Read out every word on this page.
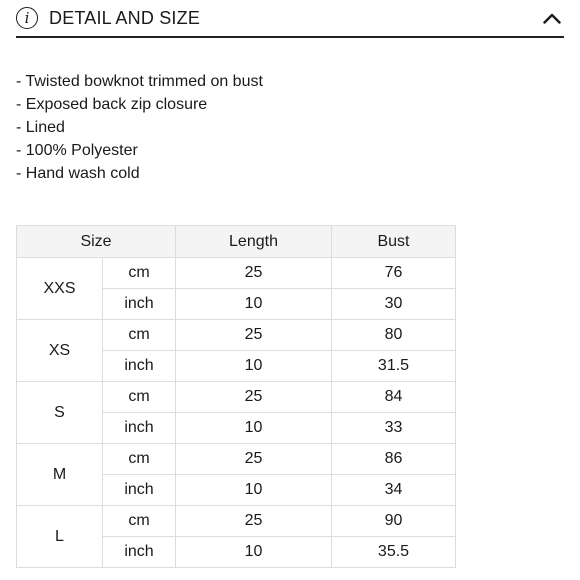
i	DETAIL AND SIZE
- Twisted bowknot trimmed on bust
- Exposed back zip closure
- Lined
- 100% Polyester
- Hand wash cold
Size		Length	Bust
XXS	cm	25	76
	inch	10	30
XS	cm	25	80
	inch	10	31.5
S	cm	25	84
	inch	10	33
M	cm	25	86
	inch	10	34
L	cm	25	90
	inch	10	35.5
